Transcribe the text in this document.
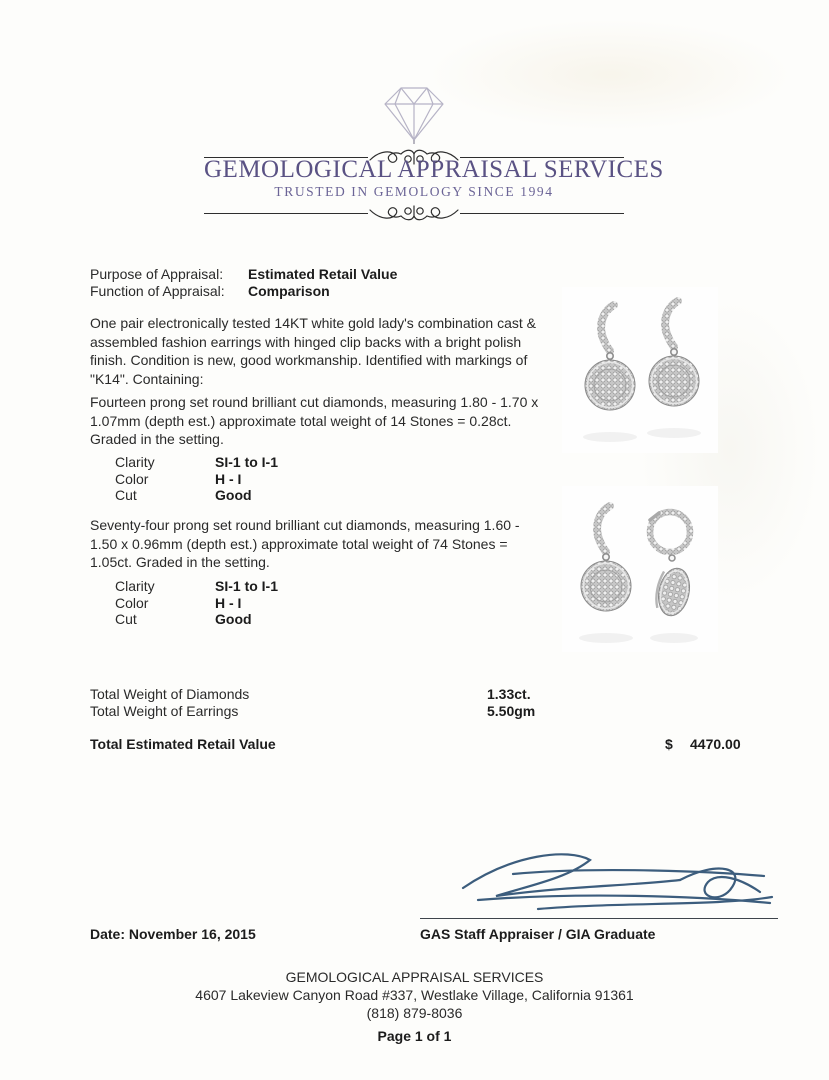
GEMOLOGICAL APPRAISAL SERVICES
TRUSTED IN GEMOLOGY SINCE 1994
Purpose of Appraisal:	Estimated Retail Value
Function of Appraisal:	Comparison
One pair electronically tested 14KT white gold lady's combination cast & assembled fashion earrings with hinged clip backs with a bright polish finish. Condition is new, good workmanship. Identified with markings of "K14". Containing:
Fourteen prong set round brilliant cut diamonds, measuring 1.80 - 1.70 x 1.07mm (depth est.) approximate total weight of 14 Stones = 0.28ct. Graded in the setting.
Clarity	SI-1 to I-1
Color	H - I
Cut	Good
Seventy-four prong set round brilliant cut diamonds, measuring 1.60 - 1.50 x 0.96mm (depth est.) approximate total weight of 74 Stones = 1.05ct. Graded in the setting.
Clarity	SI-1 to I-1
Color	H - I
Cut	Good
Total Weight of Diamonds	1.33ct.
Total Weight of Earrings	5.50gm
Total Estimated Retail Value	$ 4470.00
Date: November 16, 2015	GAS Staff Appraiser / GIA Graduate
GEMOLOGICAL APPRAISAL SERVICES
4607 Lakeview Canyon Road #337, Westlake Village, California 91361
(818) 879-8036
Page 1 of 1
